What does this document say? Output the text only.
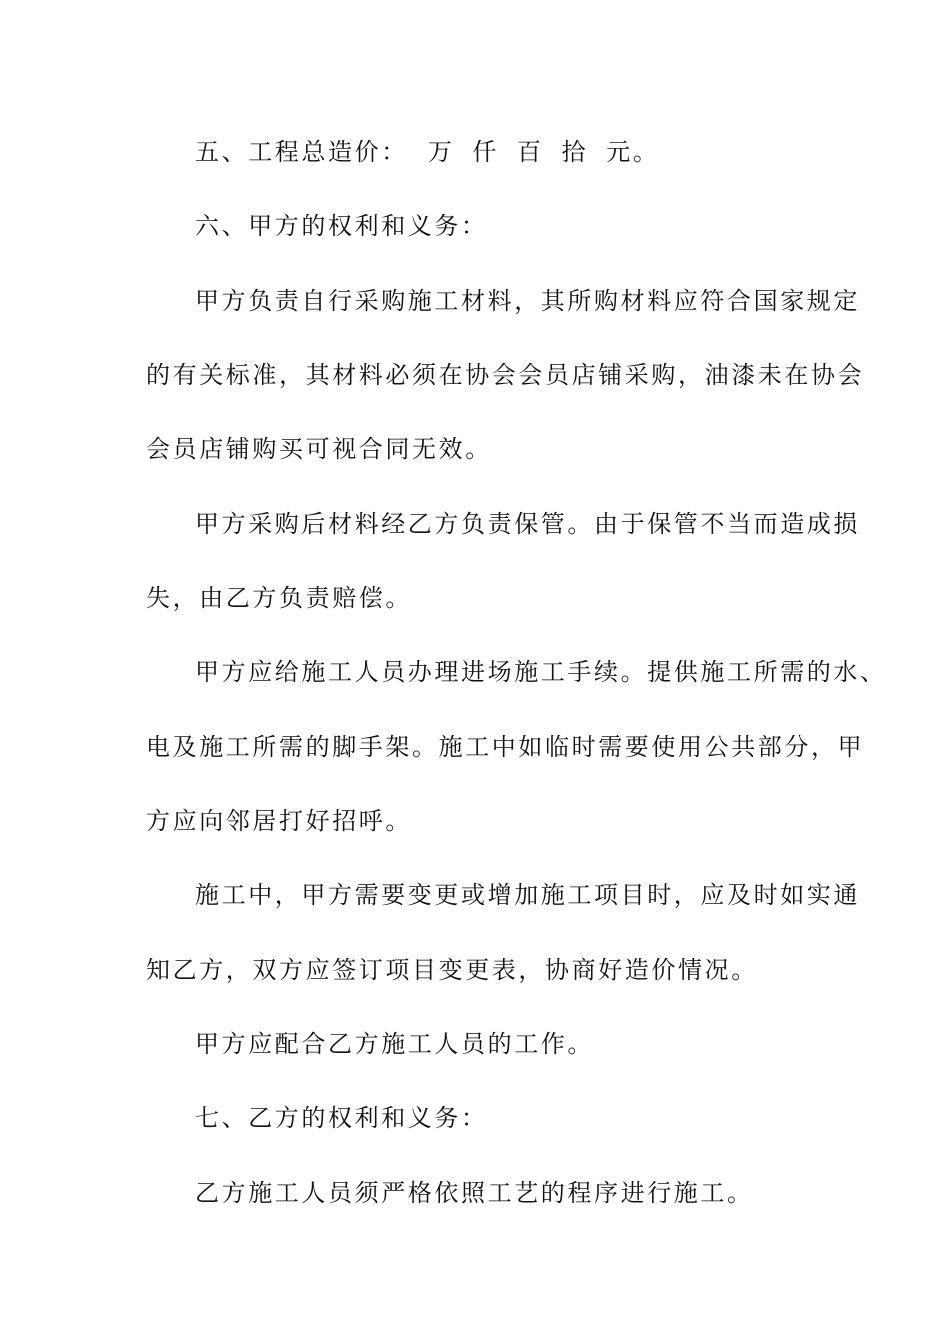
五、工程总造价： 万 仟 百 拾 元。
六、甲方的权利和义务：
甲方负责自行采购施工材料，其所购材料应符合国家规定
的有关标准，其材料必须在协会会员店铺采购，油漆未在协会
会员店铺购买可视合同无效。
甲方采购后材料经乙方负责保管。由于保管不当而造成损
失，由乙方负责赔偿。
甲方应给施工人员办理进场施工手续。提供施工所需的水、
电及施工所需的脚手架。施工中如临时需要使用公共部分，甲
方应向邻居打好招呼。
施工中，甲方需要变更或增加施工项目时，应及时如实通
知乙方，双方应签订项目变更表，协商好造价情况。
甲方应配合乙方施工人员的工作。
七、乙方的权利和义务：
乙方施工人员须严格依照工艺的程序进行施工。
